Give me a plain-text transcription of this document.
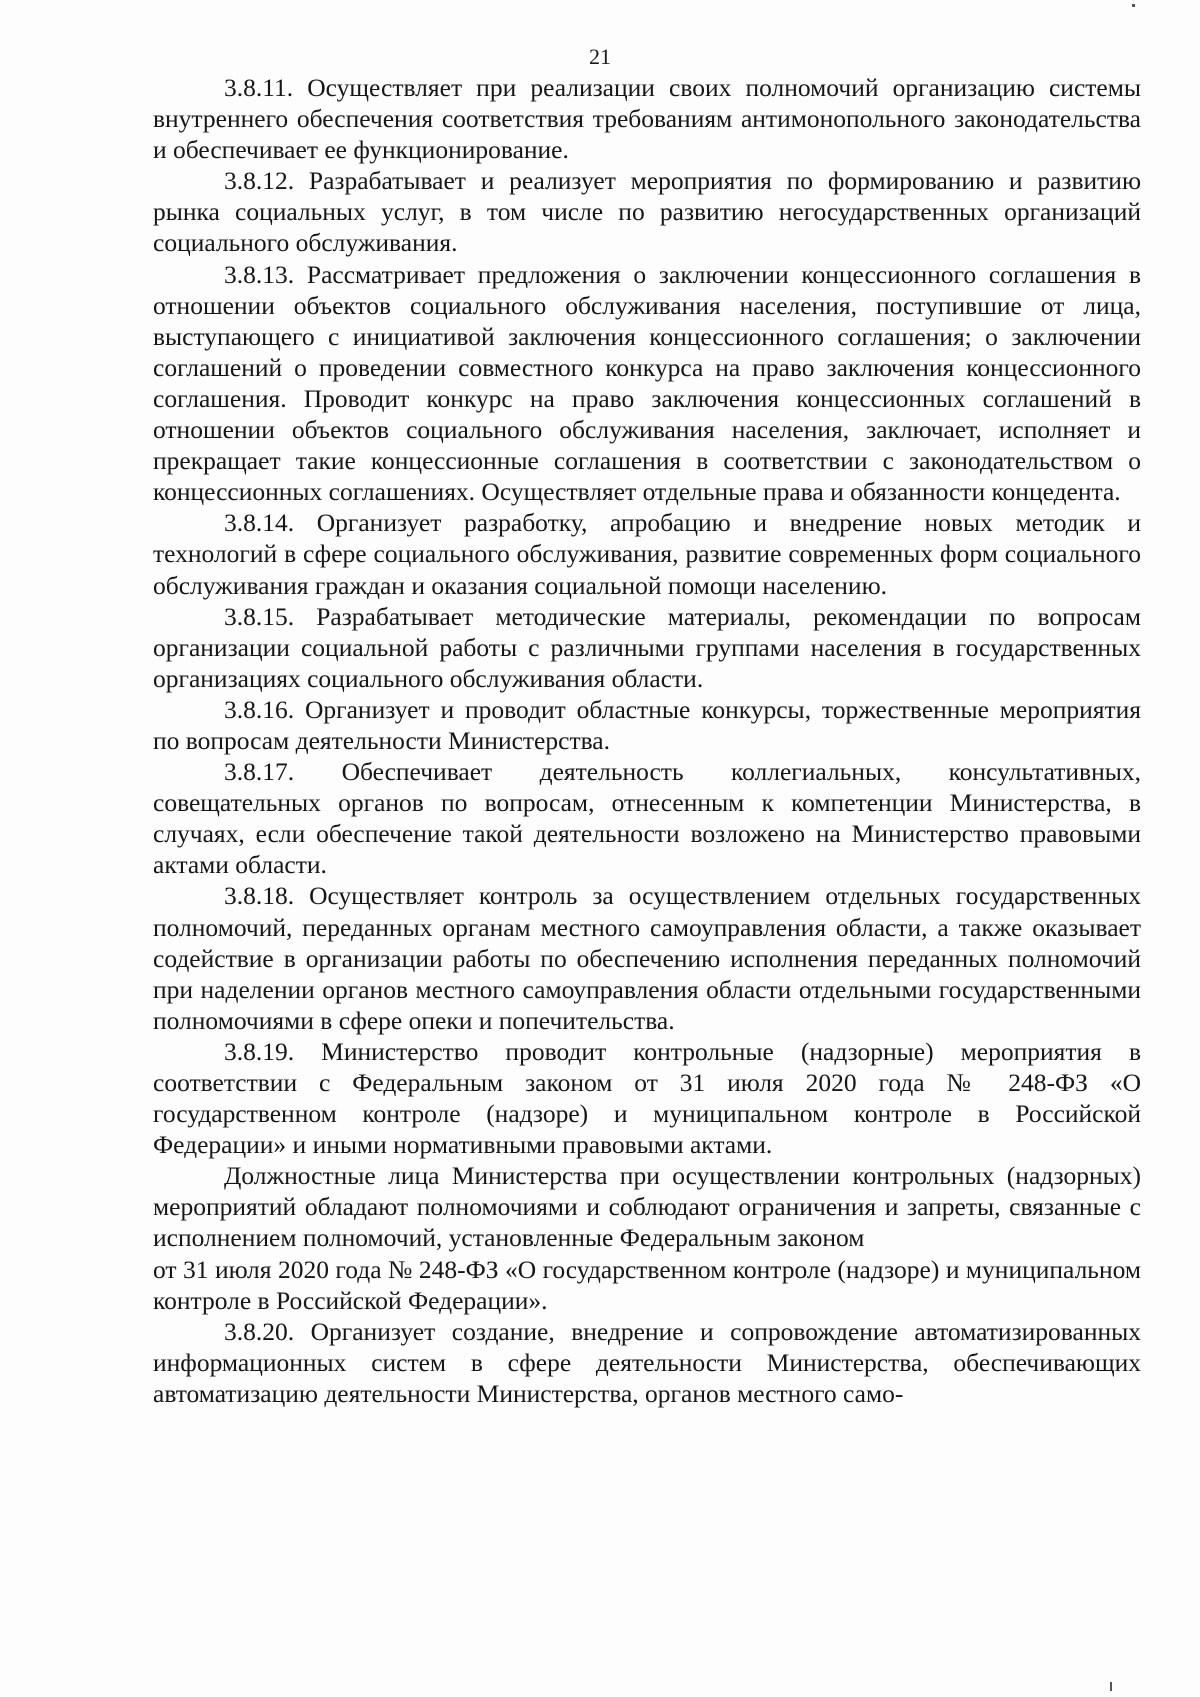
21

3.8.11. Осуществляет при реализации своих полномочий организацию системы внутреннего обеспечения соответствия требованиям антимонопольного законодательства и обеспечивает ее функционирование.

3.8.12. Разрабатывает и реализует мероприятия по формированию и развитию рынка социальных услуг, в том числе по развитию негосударственных организаций социального обслуживания.

3.8.13. Рассматривает предложения о заключении концессионного соглашения в отношении объектов социального обслуживания населения, поступившие от лица, выступающего с инициативой заключения концессионного соглашения; о заключении соглашений о проведении совместного конкурса на право заключения концессионного соглашения. Проводит конкурс на право заключения концессионных соглашений в отношении объектов социального обслуживания населения, заключает, исполняет и прекращает такие концессионные соглашения в соответствии с законодательством о концессионных соглашениях. Осуществляет отдельные права и обязанности концедента.

3.8.14. Организует разработку, апробацию и внедрение новых методик и технологий в сфере социального обслуживания, развитие современных форм социального обслуживания граждан и оказания социальной помощи населению.

3.8.15. Разрабатывает методические материалы, рекомендации по вопросам организации социальной работы с различными группами населения в государственных организациях социального обслуживания области.

3.8.16. Организует и проводит областные конкурсы, торжественные мероприятия по вопросам деятельности Министерства.

3.8.17. Обеспечивает деятельность коллегиальных, консультативных, совещательных органов по вопросам, отнесенным к компетенции Министерства, в случаях, если обеспечение такой деятельности возложено на Министерство правовыми актами области.

3.8.18. Осуществляет контроль за осуществлением отдельных государственных полномочий, переданных органам местного самоуправления области, а также оказывает содействие в организации работы по обеспечению исполнения переданных полномочий при наделении органов местного самоуправления области отдельными государственными полномочиями в сфере опеки и попечительства.

3.8.19. Министерство проводит контрольные (надзорные) мероприятия в соответствии с Федеральным законом от 31 июля 2020 года № 248-ФЗ «О государственном контроле (надзоре) и муниципальном контроле в Российской Федерации» и иными нормативными правовыми актами.

Должностные лица Министерства при осуществлении контрольных (надзорных) мероприятий обладают полномочиями и соблюдают ограничения и запреты, связанные с исполнением полномочий, установленные Федеральным законом

от 31 июля 2020 года № 248-ФЗ «О государственном контроле (надзоре) и муниципальном контроле в Российской Федерации».

3.8.20. Организует создание, внедрение и сопровождение автоматизированных информационных систем в сфере деятельности Министерства, обеспечивающих автоматизацию деятельности Министерства, органов местного само-
